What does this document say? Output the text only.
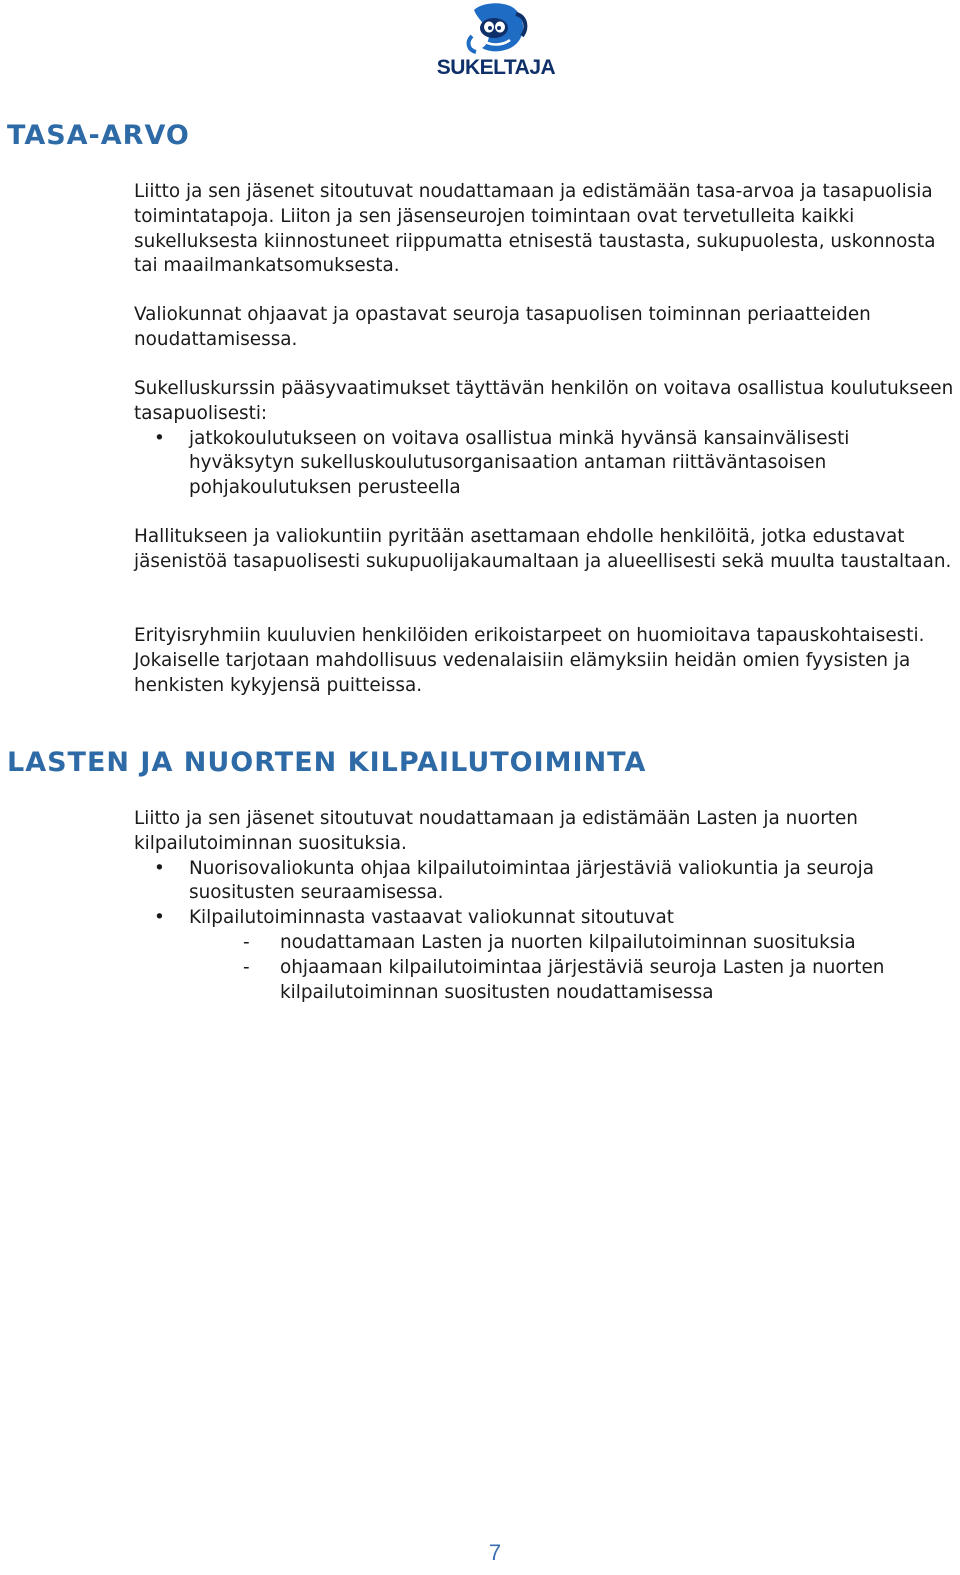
SUKELTAJA
TASA-ARVO

Liitto ja sen jäsenet sitoutuvat noudattamaan ja edistämään tasa-arvoa ja tasapuolisia toimintatapoja. Liiton ja sen jäsenseurojen toimintaan ovat tervetulleita kaikki sukelluksesta kiinnostuneet riippumatta etnisestä taustasta, sukupuolesta, uskonnosta tai maailmankatsomuksesta.

Valiokunnat ohjaavat ja opastavat seuroja tasapuolisen toiminnan periaatteiden noudattamisessa.

Sukelluskurssin pääsyvaatimukset täyttävän henkilön on voitava osallistua koulutukseen tasapuolisesti:

• jatkokoulutukseen on voitava osallistua minkä hyvänsä kansainvälisesti hyväksytyn sukelluskoulutusorganisaation antaman riittäväntasoisen pohjakoulutuksen perusteella

Hallitukseen ja valiokuntiin pyritään asettamaan ehdolle henkilöitä, jotka edustavat jäsenistöä tasapuolisesti sukupuolijakaumaltaan ja alueellisesti sekä muulta taustaltaan.

Erityisryhmiin kuuluvien henkilöiden erikoistarpeet on huomioitava tapauskohtaisesti. Jokaiselle tarjotaan mahdollisuus vedenalaisiin elämyksiin heidän omien fyysisten ja henkisten kykyjensä puitteissa.

LASTEN JA NUORTEN KILPAILUTOIMINTA

Liitto ja sen jäsenet sitoutuvat noudattamaan ja edistämään Lasten ja nuorten kilpailutoiminnan suosituksia.

• Nuorisovaliokunta ohjaa kilpailutoimintaa järjestäviä valiokuntia ja seuroja suositusten seuraamisessa.
• Kilpailutoiminnasta vastaavat valiokunnat sitoutuvat
- noudattamaan Lasten ja nuorten kilpailutoiminnan suosituksia
- ohjaamaan kilpailutoimintaa järjestäviä seuroja Lasten ja nuorten kilpailutoiminnan suositusten noudattamisessa
7
